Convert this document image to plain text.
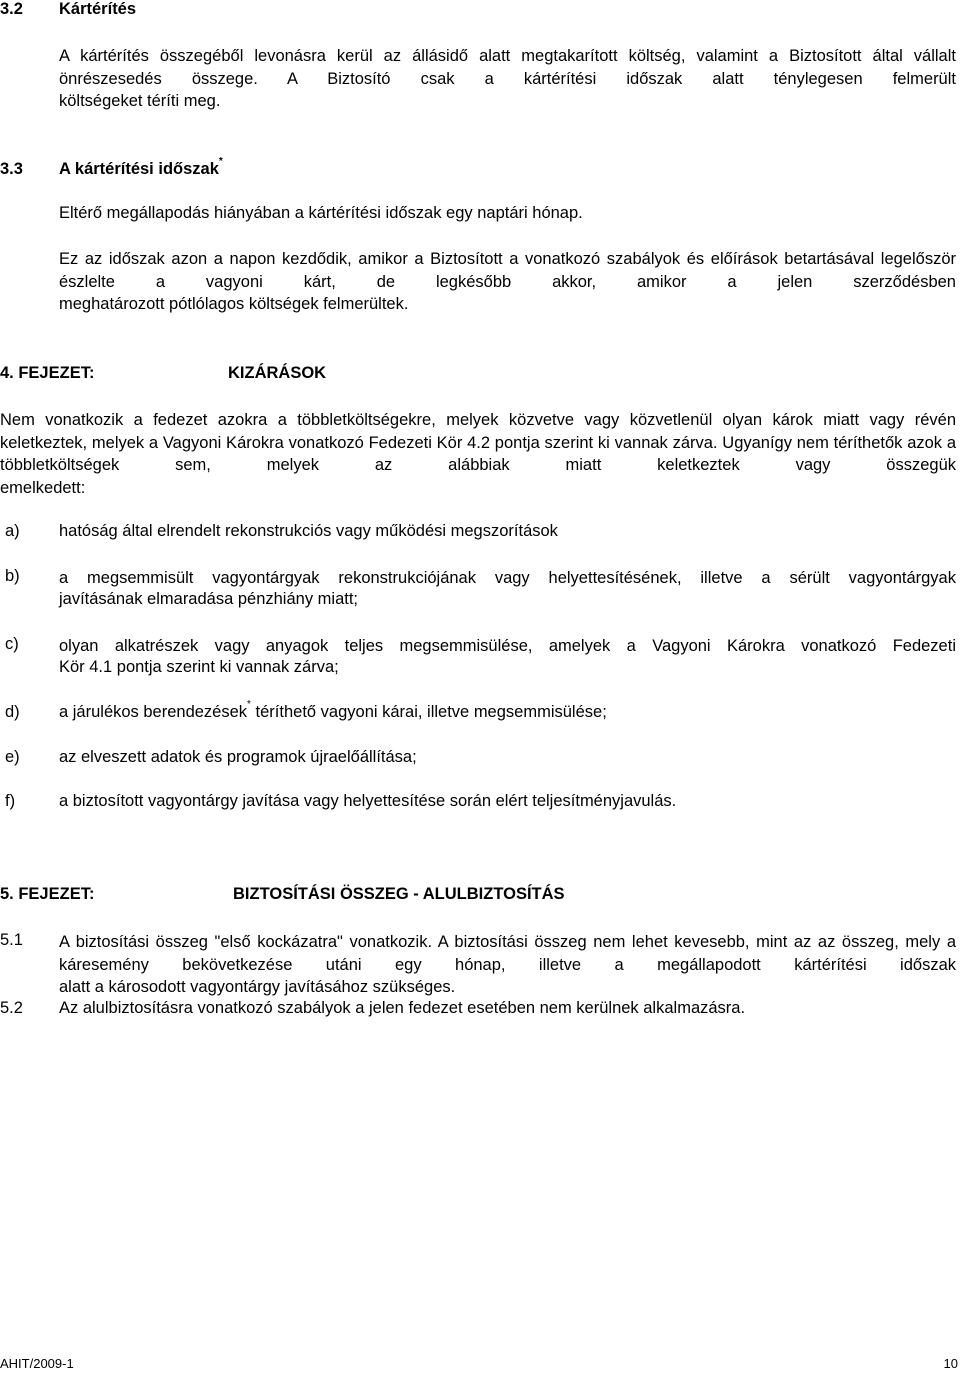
3.2 Kártérítés
A kártérítés összegéből levonásra kerül az állásidő alatt megtakarított költség, valamint a Biztosított által vállalt önrészesedés összege. A Biztosító csak a kártérítési időszak alatt ténylegesen felmerült
költségeket téríti meg.
3.3 A kártérítési időszak*
Eltérő megállapodás hiányában a kártérítési időszak egy naptári hónap.
Ez az időszak azon a napon kezdődik, amikor a Biztosított a vonatkozó szabályok és előírások betartásával legelőször észlelte a vagyoni kárt, de legkésőbb akkor, amikor a jelen szerződésben
meghatározott pótlólagos költségek felmerültek.
4. FEJEZET:	KIZÁRÁSOK
Nem vonatkozik a fedezet azokra a többletköltségekre, melyek közvetve vagy közvetlenül olyan károk miatt vagy révén keletkeztek, melyek a Vagyoni Károkra vonatkozó Fedezeti Kör 4.2 pontja szerint ki vannak zárva. Ugyanígy nem téríthetők azok a többletköltségek sem, melyek az alábbiak miatt keletkeztek vagy összegük
emelkedett:
a) hatóság által elrendelt rekonstrukciós vagy működési megszorítások
b) a megsemmisült vagyontárgyak rekonstrukciójának vagy helyettesítésének, illetve a sérült vagyontárgyak
javításának elmaradása pénzhiány miatt;
c) olyan alkatrészek vagy anyagok teljes megsemmisülése, amelyek a Vagyoni Károkra vonatkozó Fedezeti
Kör 4.1 pontja szerint ki vannak zárva;
d) a járulékos berendezések* téríthető vagyoni kárai, illetve megsemmisülése;
e) az elveszett adatok és programok újraelőállítása;
f)	a biztosított vagyontárgy javítása vagy helyettesítése során elért teljesítményjavulás.
5. FEJEZET:	BIZTOSÍTÁSI ÖSSZEG - ALULBIZTOSÍTÁS
5.1 A biztosítási összeg "első kockázatra" vonatkozik. A biztosítási összeg nem lehet kevesebb, mint az az összeg, mely a káresemény bekövetkezése utáni egy hónap, illetve a megállapodott kártérítési időszak
alatt a károsodott vagyontárgy javításához szükséges.
5.2 Az alulbiztosításra vonatkozó szabályok a jelen fedezet esetében nem kerülnek alkalmazásra.
AHIT/2009-1	10
